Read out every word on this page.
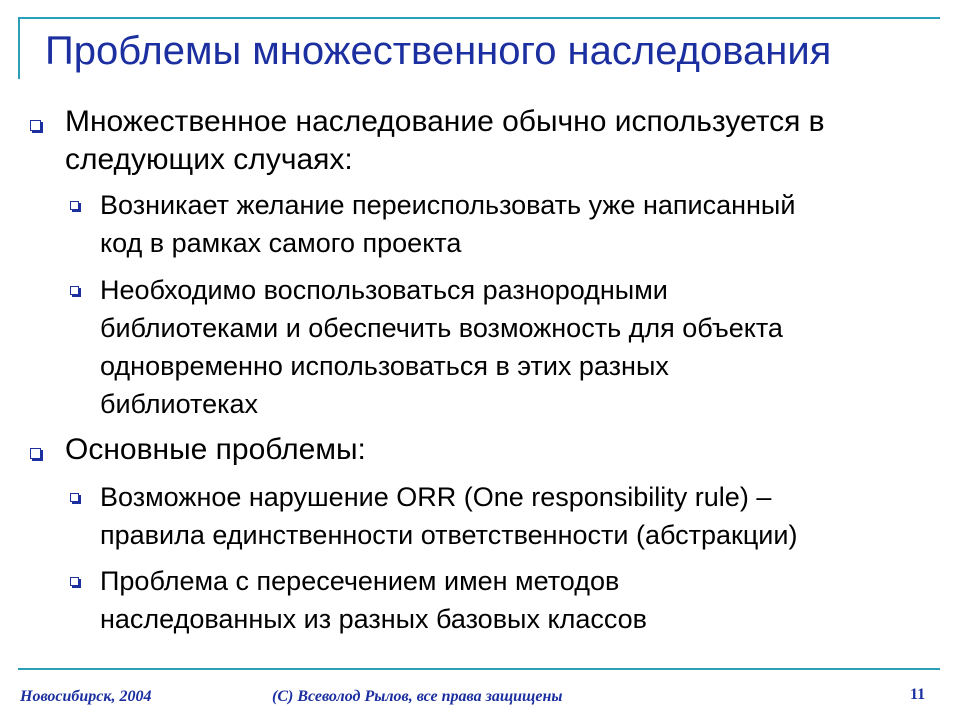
Проблемы множественного наследования

Множественное наследование обычно используется в

следующих случаях:

Возникает желание переиспользовать уже написанный

код в рамках самого проекта

Необходимо воспользоваться разнородными

библиотеками и обеспечить возможность для объекта

одновременно использоваться в этих разных

библиотеках

Основные проблемы:

Возможное нарушение ORR (One responsibility rule) –

правила единственности ответственности (абстракции)

Проблема с пересечением имен методов

наследованных из разных базовых классов

Новосибирск, 2004	(С) Всеволод Рылов, все права защищены	11
